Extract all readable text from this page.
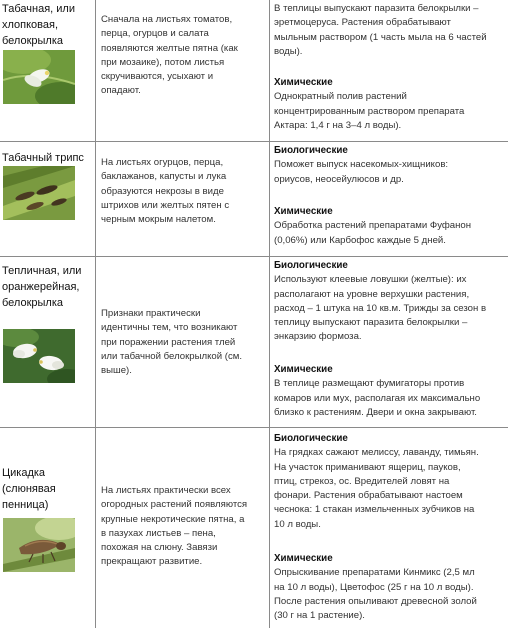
Табачная, или
хлопковая,
белокрылка
Сначала на листьях томатов,
перца, огурцов и салата
появляются желтые пятна (как
при мозаике), потом листья
скручиваются, усыхают и
опадают.
В теплицы выпускают паразита белокрылки –
эретмоцеруса. Растения обрабатывают
мыльным раствором (1 часть мыла на 6 частей
воды).
Химические
Однократный полив растений
концентрированным раствором препарата
Актара: 1,4 г на 3–4 л воды).
Табачный трипс На листьях огурцов, перца,
баклажанов, капусты и лука
образуются некрозы в виде
штрихов или желтых пятен с
черным мокрым налетом.
Биологические
Поможет выпуск насекомых-хищников:
ориусов, неосейулюсов и др.
Химические
Обработка растений препаратами Фуфанон
(0,06%) или Карбофос каждые 5 дней.
Тепличная, или
оранжерейная,
белокрылка
Признаки практически
идентичны тем, что возникают
при поражении растения тлей
или табачной белокрылкой (см.
выше).
Биологические
Используют клеевые ловушки (желтые): их
располагают на уровне верхушки растения,
расход – 1 штука на 10 кв.м. Трижды за сезон в
теплицу выпускают паразита белокрылки –
энкарзию формоза.
Химические
В теплице размещают фумигаторы против
комаров или мух, располагая их максимально
близко к растениям. Двери и окна закрывают.
Цикадка
(слюнявая
пенница)
На листьях практически всех
огородных растений появляются
крупные некротические пятна, а
в пазухах листьев – пена,
похожая на слюну. Завязи
прекращают развитие.
Биологические
На грядках сажают мелиссу, лаванду, тимьян.
На участок приманивают ящериц, пауков,
птиц, стрекоз, ос. Вредителей ловят на
фонари. Растения обрабатывают настоем
чеснока: 1 стакан измельченных зубчиков на
10 л воды.
Химические
Опрыскивание препаратами Кинмикс (2,5 мл
на 10 л воды), Цветофос (25 г на 10 л воды).
После растения опыливают древесной золой
(30 г на 1 растение).
